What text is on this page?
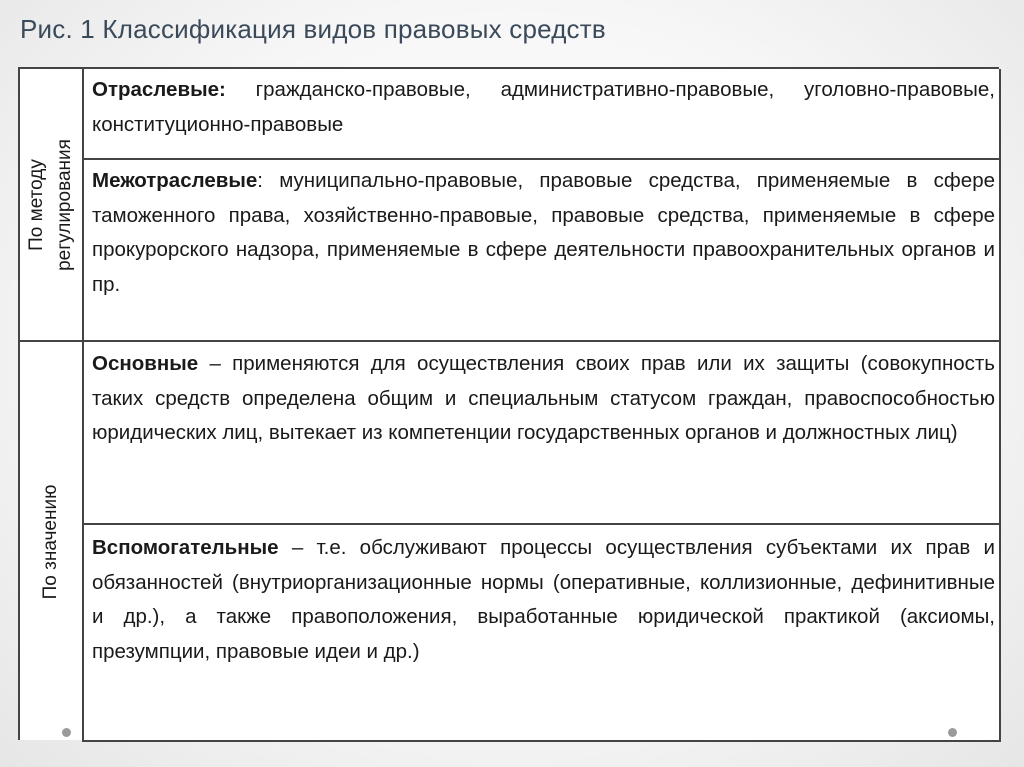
Рис. 1 Классификация видов правовых средств
По методу регулирования
По значению
Отраслевые: гражданско-правовые, административно-правовые, уголовно-правовые, конституционно-правовые
Межотраслевые: муниципально-правовые, правовые средства, применяемые в сфере таможенного права, хозяйственно-правовые, правовые средства, применяемые в сфере прокурорского надзора, применяемые в сфере деятельности правоохранительных органов и пр.
Основные – применяются для осуществления своих прав или их защиты (совокупность таких средств определена общим и специальным статусом граждан, правоспособностью юридических лиц, вытекает из компетенции государственных органов и должностных лиц)
Вспомогательные – т.е. обслуживают процессы осуществления субъектами их прав и обязанностей (внутриорганизационные нормы (оперативные, коллизионные, дефинитивные и др.), а также правоположения, выработанные юридической практикой (аксиомы, презумпции, правовые идеи и др.)
